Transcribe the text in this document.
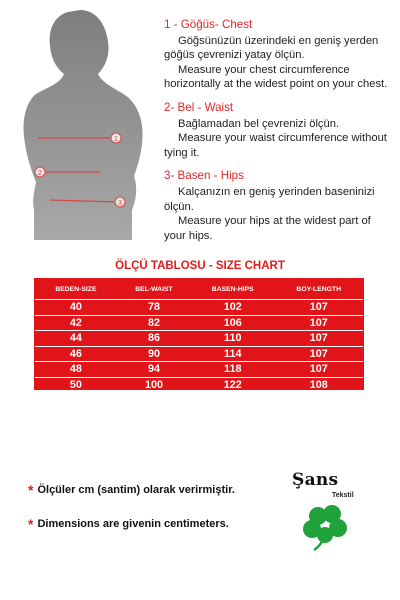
1
2
3
1 - Göğüs- Chest
Göğsünüzün üzerindeki en geniş yerden
göğüs çevrenizi yatay ölçün.
Measure your chest circumference
horizontally at the widest point on your chest.
2- Bel - Waist
Bağlamadan bel çevrenizi ölçün.
Measure your waist circumference without
tying it.
3- Basen - Hips
Kalçanızın en geniş yerinden baseninizi
ölçün.
Measure your hips at the widest part of
your hips.
ÖLÇÜ TABLOSU - SIZE CHART
BEDEN-SIZE	BEL-WAIST	BASEN-HIPS	BOY-LENGTH
40	78	102	107
42	82	106	107
44	86	110	107
46	90	114	107
48	94	118	107
50	100	122	108
* Ölçüler cm (santim) olarak verirmiştir.
* Dimensions are givenin centimeters.
Şans
Tekstil
